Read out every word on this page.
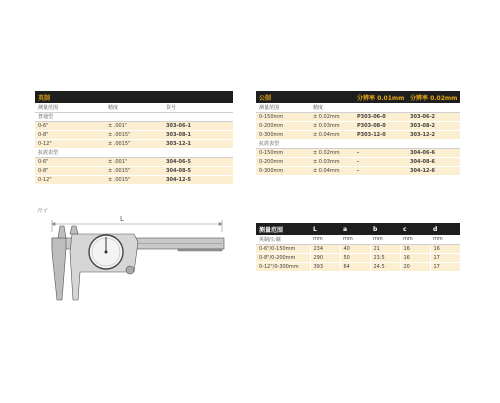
英制		
测量范围	精度	货号
普通型		
0-6"	± .001"	303-06-1
0-8"	± .0015"	303-08-1
0-12"	± .0015"	303-12-1
抗震表型		
0-6"	± .001"	304-06-5
0-8"	± .0015"	304-08-5
0-12"	± .0015"	304-12-5
公制		分辨率 0.01mm	分辨率 0.02mm
测量范围	精度		
0-150mm	± 0.02mm	P303-06-0	303-06-2
0-200mm	± 0.03mm	P303-08-0	303-08-2
0-300mm	± 0.04mm	P303-12-0	303-12-2
抗震表型			
0-150mm	± 0.02mm	-	304-06-6
0-200mm	± 0.03mm	-	304-08-6
0-300mm	± 0.04mm	-	304-12-6
尺寸
L
测量范围	L	a	b	c	d
英制/公制	mm	mm	mm	mm	mm
0-6"/0-150mm	234	40	21	16	16
0-8"/0-200mm	290	50	23.5	16	17
0-12"/0-300mm	393	64	24.5	20	17
